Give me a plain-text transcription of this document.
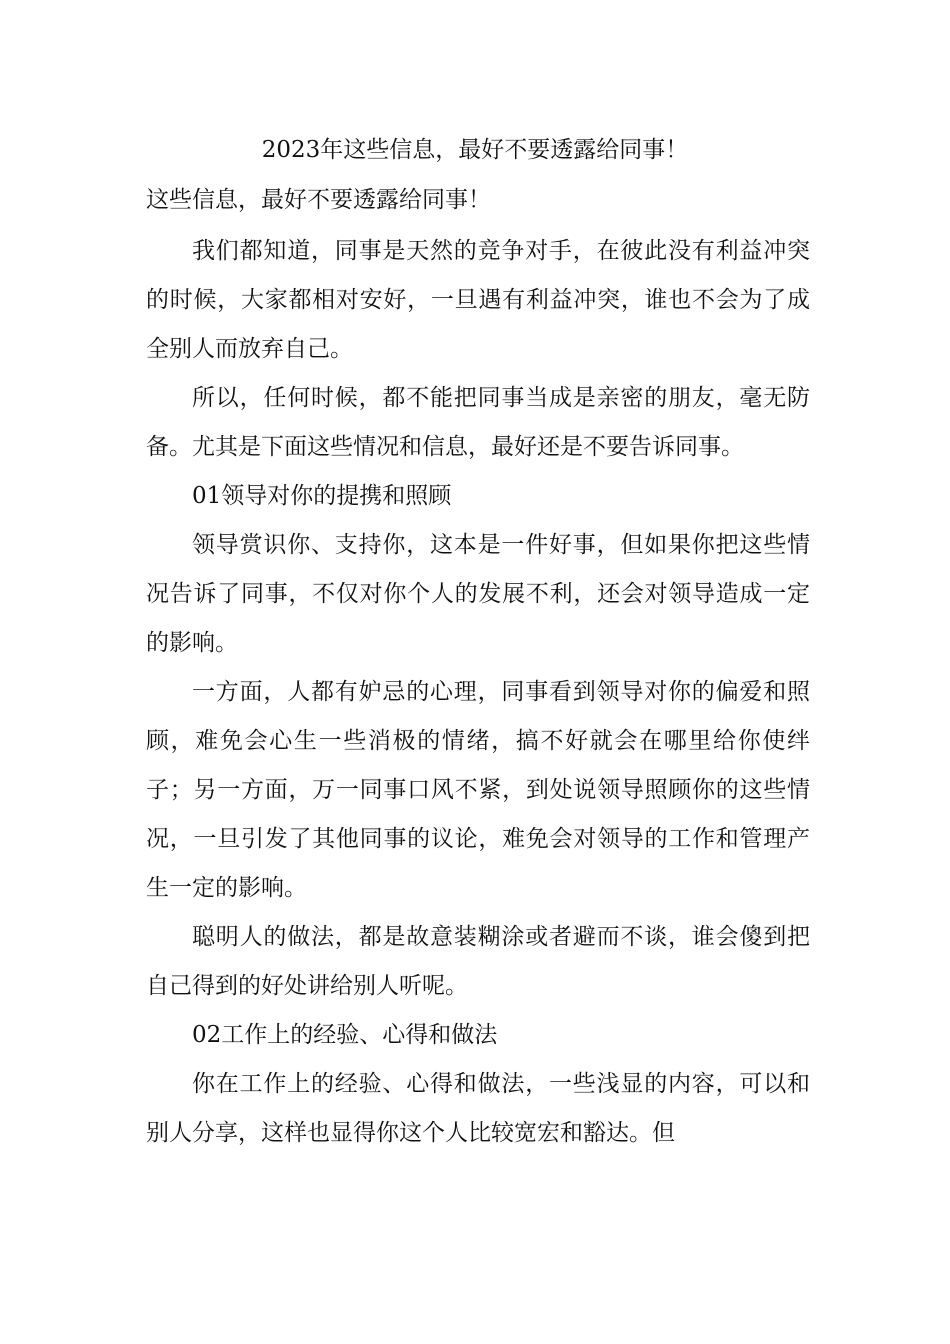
2023年这些信息，最好不要透露给同事！
这些信息，最好不要透露给同事！

我们都知道，同事是天然的竞争对手，在彼此没有利益冲突的时候，大家都相对安好，一旦遇有利益冲突，谁也不会为了成全别人而放弃自己。

所以，任何时候，都不能把同事当成是亲密的朋友，毫无防备。尤其是下面这些情况和信息，最好还是不要告诉同事。

01领导对你的提携和照顾

领导赏识你、支持你，这本是一件好事，但如果你把这些情况告诉了同事，不仅对你个人的发展不利，还会对领导造成一定的影响。

一方面，人都有妒忌的心理，同事看到领导对你的偏爱和照顾，难免会心生一些消极的情绪，搞不好就会在哪里给你使绊子；另一方面，万一同事口风不紧，到处说领导照顾你的这些情况，一旦引发了其他同事的议论，难免会对领导的工作和管理产生一定的影响。

聪明人的做法，都是故意装糊涂或者避而不谈，谁会傻到把自己得到的好处讲给别人听呢。

02工作上的经验、心得和做法

你在工作上的经验、心得和做法，一些浅显的内容，可以和别人分享，这样也显得你这个人比较宽宏和豁达。但
